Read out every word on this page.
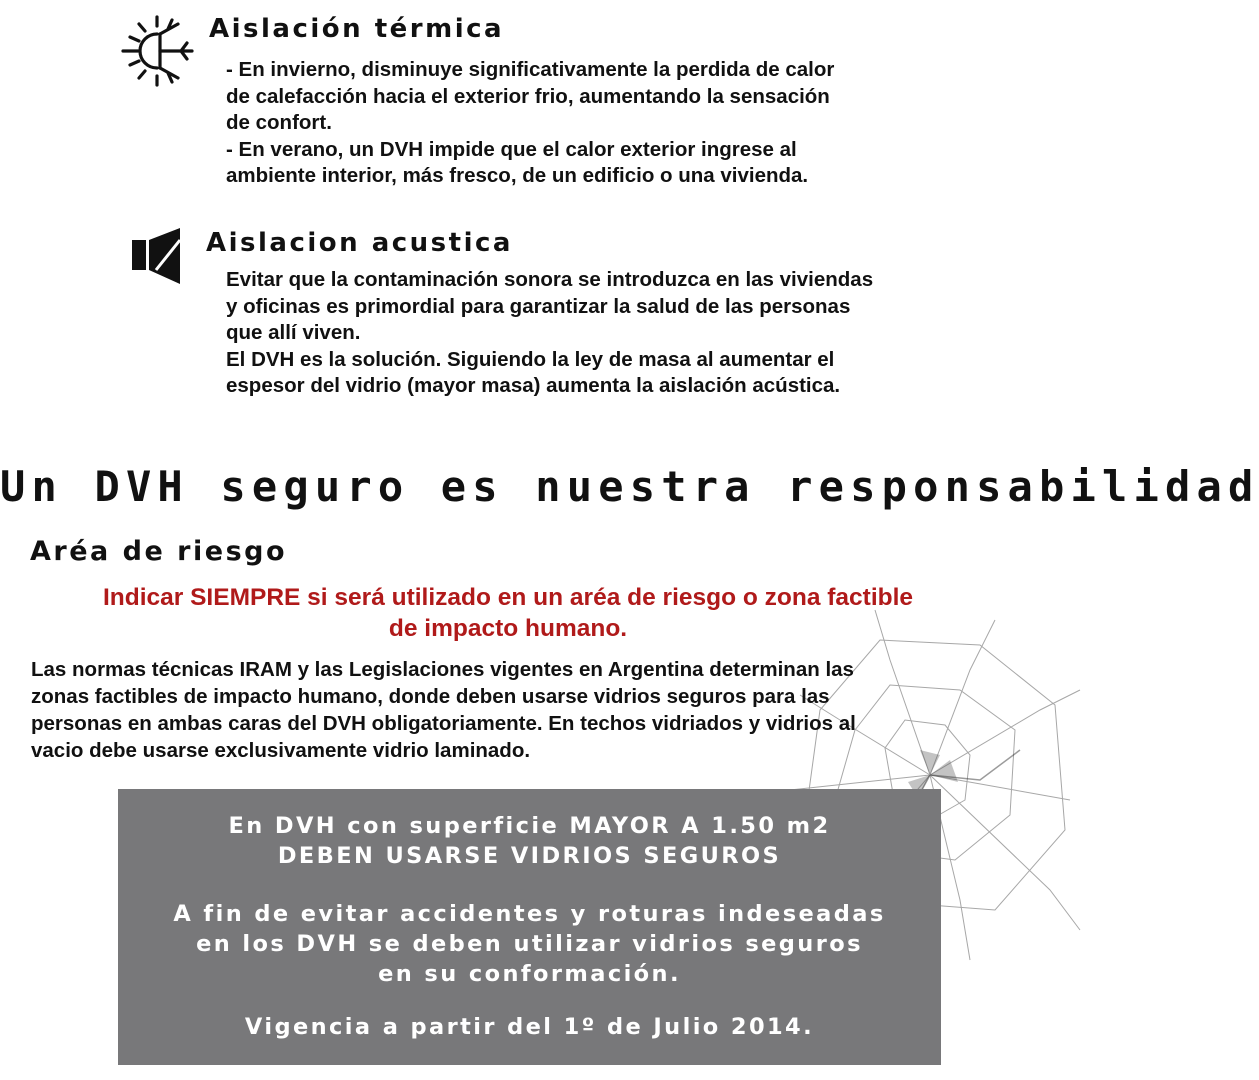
Aislación térmica

- En invierno, disminuye significativamente la perdida de calor
de calefacción hacia el exterior frio, aumentando la sensación
de confort.
- En verano, un DVH impide que el calor exterior ingrese al
ambiente interior, más fresco, de un edificio o una vivienda.

Aislacion acustica

Evitar que la contaminación sonora se introduzca en las viviendas
y oficinas es primordial para garantizar la salud de las personas
que allí viven.
El DVH es la solución. Siguiendo la ley de masa al aumentar el
espesor del vidrio (mayor masa) aumenta la aislación acústica.

Un DVH seguro es nuestra responsabilidad
Aréa de riesgo

Indicar SIEMPRE si será utilizado en un aréa de riesgo o zona factible
de impacto humano.

Las normas técnicas IRAM y las Legislaciones vigentes en Argentina determinan las
zonas factibles de impacto humano, donde deben usarse vidrios seguros para las
personas en ambas caras del DVH obligatoriamente. En techos vidriados y vidrios al
vacio debe usarse exclusivamente vidrio laminado.

En DVH con superficie MAYOR A 1.50 m2
DEBEN USARSE VIDRIOS SEGUROS

A fin de evitar accidentes y roturas indeseadas
en los DVH se deben utilizar vidrios seguros
en su conformación.

Vigencia a partir del 1º de Julio 2014.
